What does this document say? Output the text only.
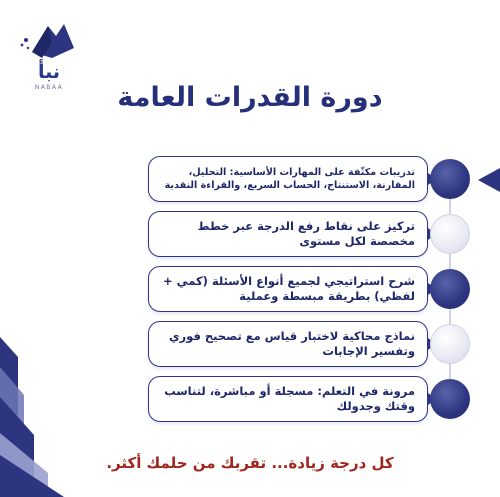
نبأ
NABAA	دورة القدرات العامة
تدريبات مكثّفة على المهارات الأساسية: التحليل، المقارنة، الاستنتاج، الحساب السريع، والقراءة النقدية
تركيز على نقاط رفع الدرجة عبر خطط مخصصة لكل مستوى
شرح استراتيجي لجميع أنواع الأسئلة (كمي + لفظي) بطريقة مبسطة وعملية
نماذج محاكية لاختبار قياس مع تصحيح فوري وتفسير الإجابات
مرونة في التعلم: مسجلة أو مباشرة، لتناسب وقتك وجدولك
كل درجة زيادة... تقربك من حلمك أكثر.
